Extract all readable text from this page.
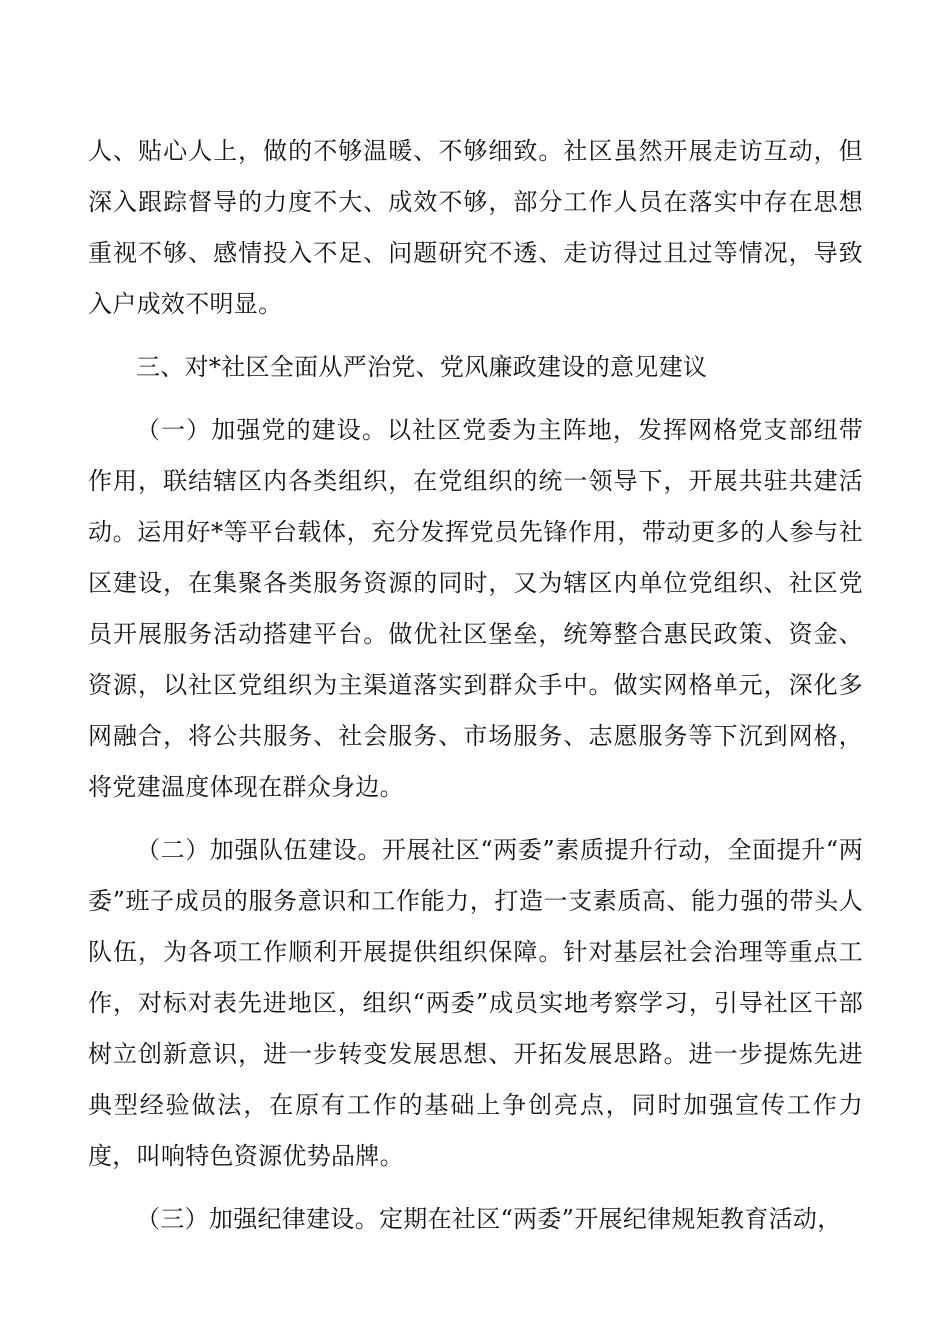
人、贴心人上，做的不够温暖、不够细致。社区虽然开展走访互动，但深入跟踪督导的力度不大、成效不够，部分工作人员在落实中存在思想重视不够、感情投入不足、问题研究不透、走访得过且过等情况，导致入户成效不明显。

三、对*社区全面从严治党、党风廉政建设的意见建议

（一）加强党的建设。以社区党委为主阵地，发挥网格党支部纽带作用，联结辖区内各类组织，在党组织的统一领导下，开展共驻共建活动。运用好*等平台载体，充分发挥党员先锋作用，带动更多的人参与社区建设，在集聚各类服务资源的同时，又为辖区内单位党组织、社区党员开展服务活动搭建平台。做优社区堡垒，统筹整合惠民政策、资金、资源，以社区党组织为主渠道落实到群众手中。做实网格单元，深化多网融合，将公共服务、社会服务、市场服务、志愿服务等下沉到网格，将党建温度体现在群众身边。

（二）加强队伍建设。开展社区“两委”素质提升行动，全面提升“两委”班子成员的服务意识和工作能力，打造一支素质高、能力强的带头人队伍，为各项工作顺利开展提供组织保障。针对基层社会治理等重点工作，对标对表先进地区，组织“两委”成员实地考察学习，引导社区干部树立创新意识，进一步转变发展思想、开拓发展思路。进一步提炼先进典型经验做法，在原有工作的基础上争创亮点，同时加强宣传工作力度，叫响特色资源优势品牌。

（三）加强纪律建设。定期在社区“两委”开展纪律规矩教育活动，
